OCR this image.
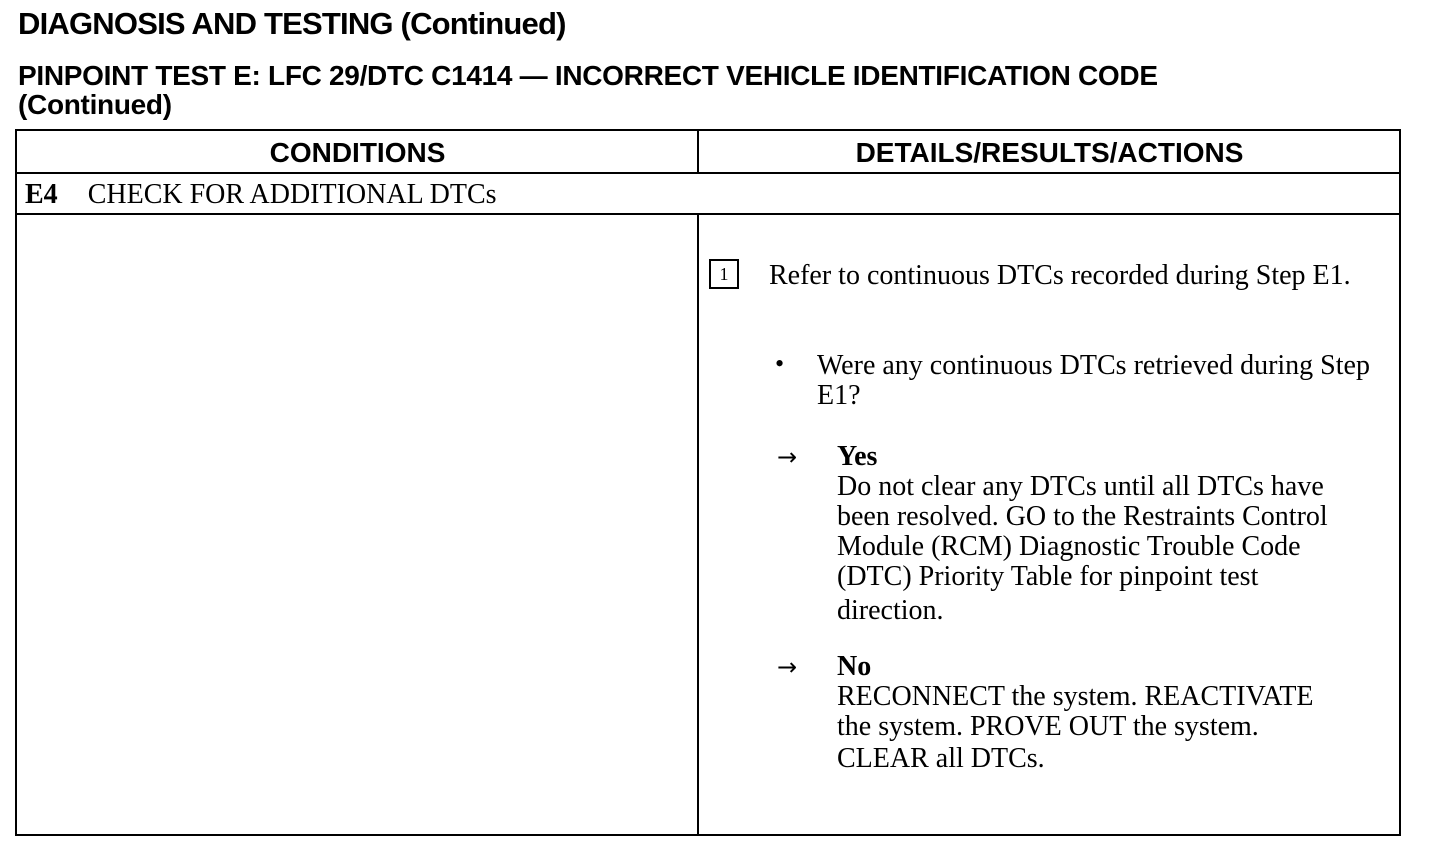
DIAGNOSIS AND TESTING (Continued)
PINPOINT TEST E: LFC 29/DTC C1414 — INCORRECT VEHICLE IDENTIFICATION CODE
(Continued)
CONDITIONS	DETAILS/RESULTS/ACTIONS
E4 CHECK FOR ADDITIONAL DTCs
1	Refer to continuous DTCs recorded during Step E1.
• Were any continuous DTCs retrieved during Step E1?
→ Yes
Do not clear any DTCs until all DTCs have
been resolved. GO to the Restraints Control
Module (RCM) Diagnostic Trouble Code
(DTC) Priority Table for pinpoint test
direction.
→ No
RECONNECT the system. REACTIVATE
the system. PROVE OUT the system.
CLEAR all DTCs.
